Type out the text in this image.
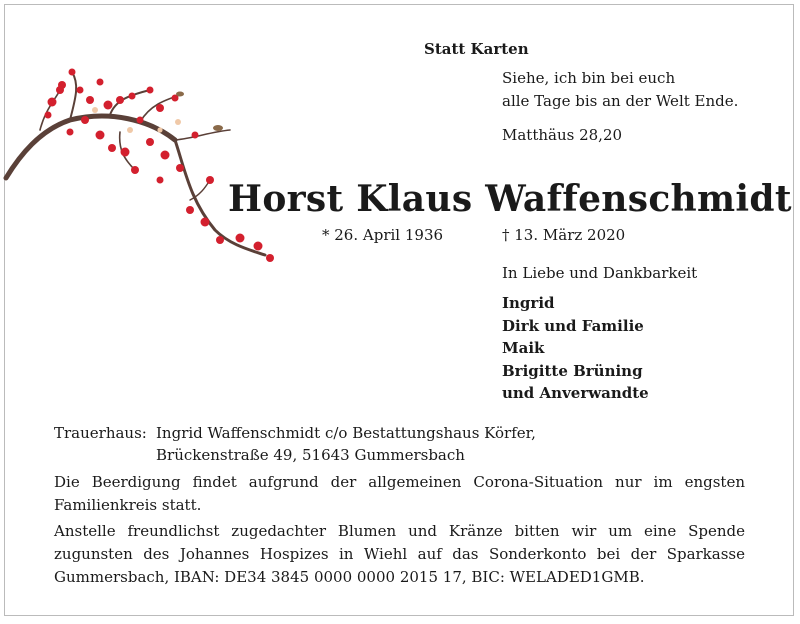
Statt Karten
Siehe, ich bin bei euch
alle Tage bis an der Welt Ende.
Matthäus 28,20
Horst Klaus Waffenschmidt
* 26. April 1936	† 13. März 2020
In Liebe und Dankbarkeit
Ingrid
Dirk und Familie
Maik
Brigitte Brüning
und Anverwandte
Trauerhaus: Ingrid Waffenschmidt c/o Bestattungshaus Körfer,
Brückenstraße 49, 51643 Gummersbach
Die Beerdigung findet aufgrund der allgemeinen Corona-Situation nur im engsten
Familienkreis statt.
Anstelle freundlichst zugedachter Blumen und Kränze bitten wir um eine Spende
zugunsten des Johannes Hospizes in Wiehl auf das Sonderkonto bei der Sparkasse
Gummersbach, IBAN: DE34 3845 0000 0000 2015 17, BIC: WELADED1GMB.
